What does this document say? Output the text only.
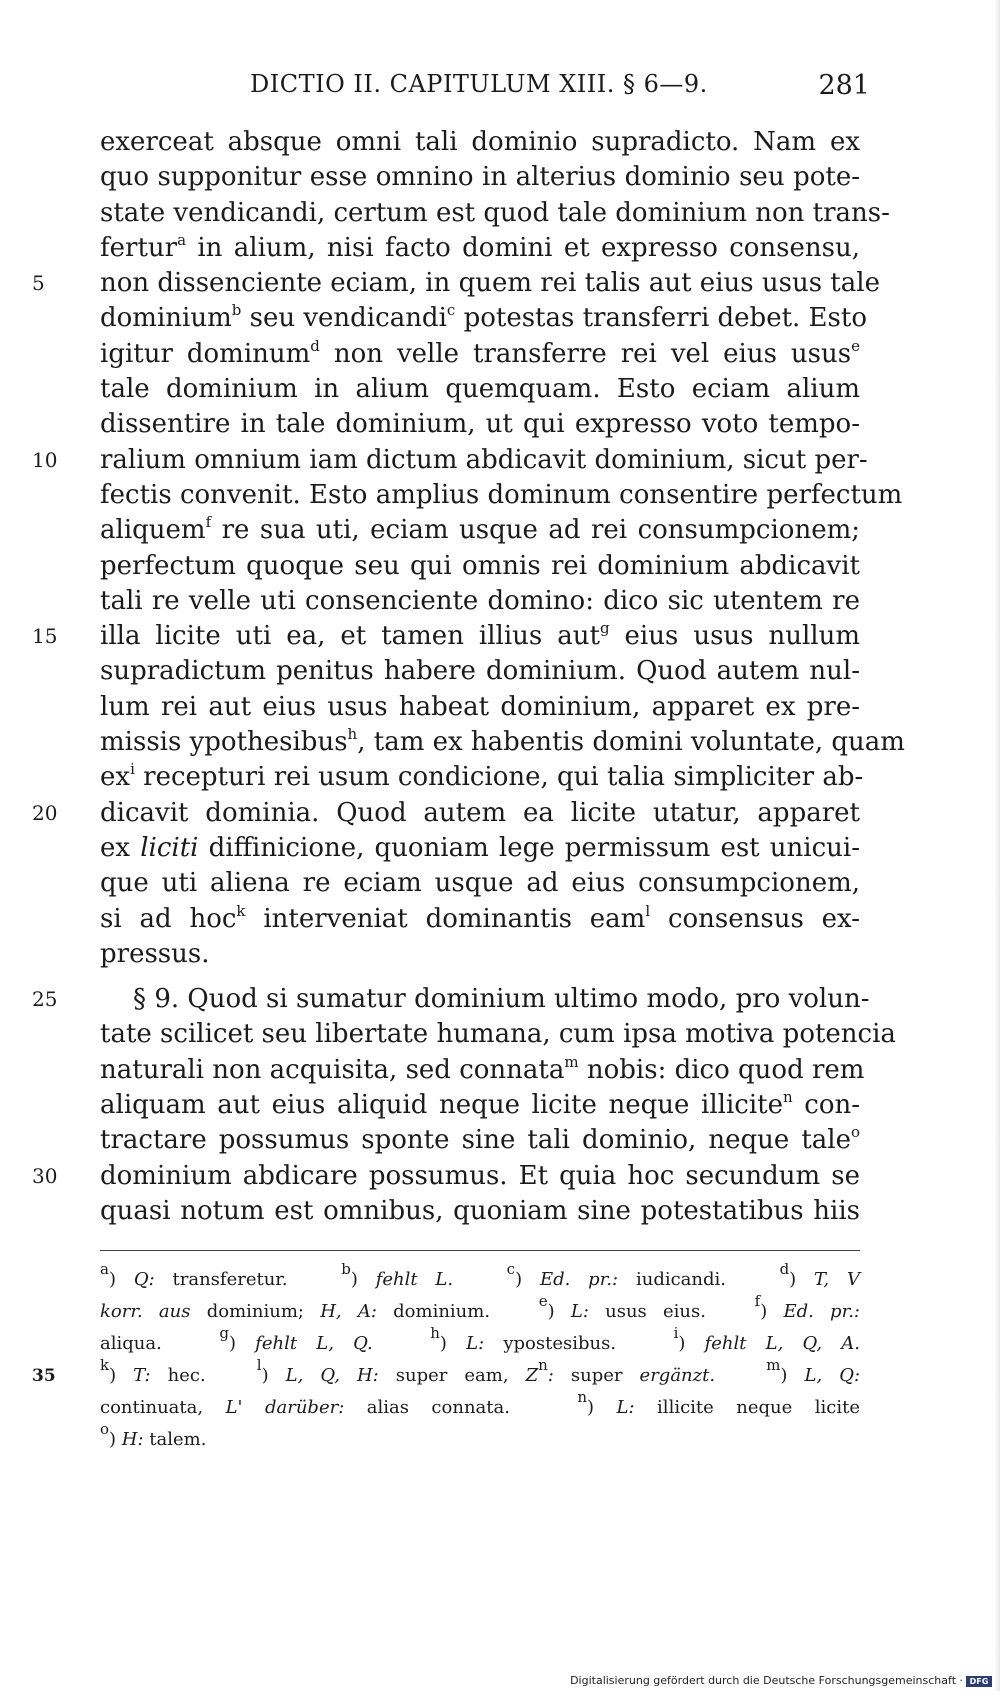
DICTIO II. CAPITULUM XIII. § 6—9.	281
exerceat absque omni tali dominio supradicto. Nam ex
quo supponitur esse omnino in alterius dominio seu pote-
state vendicandi, certum est quod tale dominium non trans-
fertur$^a$ in alium, nisi facto domini et expresso consensu,
5	non dissenciente eciam, in quem rei talis aut eius usus tale
dominium$^b$ seu vendicandi$^c$ potestas transferri debet. Esto
igitur dominum$^d$ non velle transferre rei vel eius usus$^e$
tale dominium in alium quemquam. Esto eciam alium
dissentire in tale dominium, ut qui expresso voto tempo-
10	ralium omnium iam dictum abdicavit dominium, sicut per-
fectis convenit. Esto amplius dominum consentire perfectum
aliquem$^f$ re sua uti, eciam usque ad rei consumpcionem;
perfectum quoque seu qui omnis rei dominium abdicavit
tali re velle uti consenciente domino: dico sic utentem re
15	illa licite uti ea, et tamen illius aut$^g$ eius usus nullum
supradictum penitus habere dominium. Quod autem nul-
lum rei aut eius usus habeat dominium, apparet ex pre-
missis ypothesibus$^h$, tam ex habentis domini voluntate, quam
$ex^i$ recepturi rei usum condicione, qui talia simpliciter ab-
20	dicavit dominia. Quod autem ea licite utatur, apparet
ex liciti diffinicione, quoniam lege permissum est unicui-
que uti aliena re eciam usque ad eius consumpcionem,
si ad hoc$^k$ interveniat dominantis eam$^l$ consensus ex-
pressus.
25	§ 9. Quod si sumatur dominium ultimo modo, pro volun-
tate scilicet seu libertate humana, cum ipsa motiva potencia
naturali non acquisita, sed connata$^m$ nobis: dico quod rem
aliquam aut eius aliquid neque licite neque illicite$^n$ con-
tractare possumus sponte sine tali dominio, neque tale$^o$
30	dominium abdicare possumus. Et quia hoc secundum se
quasi notum est omnibus, quoniam sine potestatibus hiis
$^a$) Q: transferetur.   $^b$) fehlt L.	$^c$) Ed. pr.: iudicandi.   $^d$) T, V
korr. aus dominium; H, A: dominium.   $^e$) L: usus eius.   $^f$) Ed. pr.:
aliqua.   $^g$) fehlt L, Q.	$^h$) L: ypostesibus.   $^i$) fehlt L, Q, A.
35
$^k$) T: hec.   $^l$) L, Q, H: super eam, $Z^n$: super ergänzt.	$^m$) L, Q:
continuata, L' darüber: alias connata.   $^n$) L: illicite neque licite
$^o$) H: talem.
Digitalisierung gefördert durch die Deutsche Forschungsgemeinschaft · DFG
